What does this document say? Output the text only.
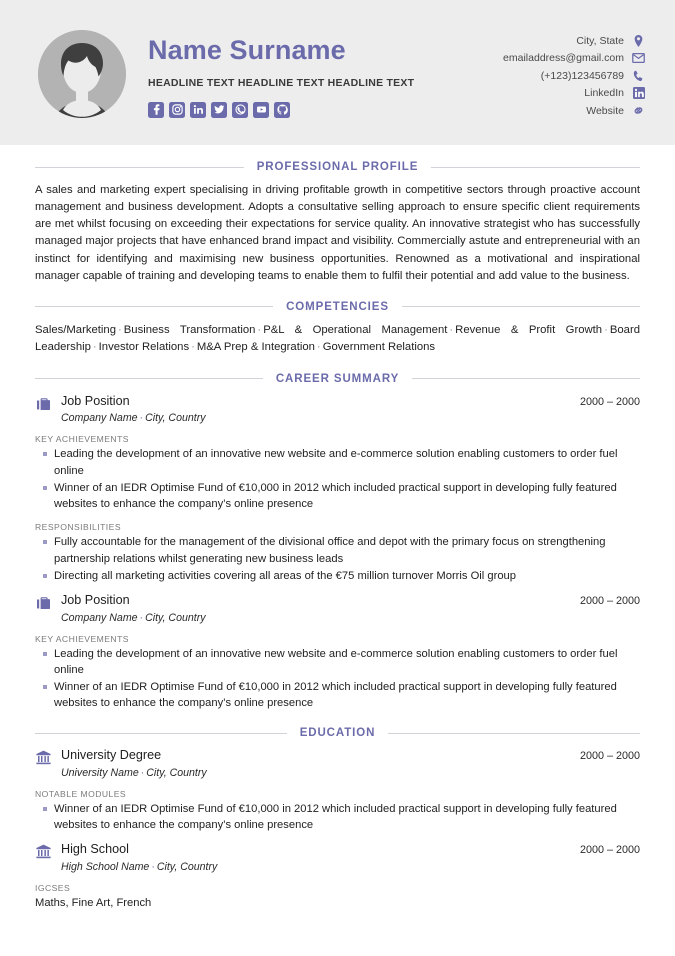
Name Surname
HEADLINE TEXT HEADLINE TEXT HEADLINE TEXT
City, State
emailaddress@gmail.com
(+123)123456789
LinkedIn
Website
PROFESSIONAL PROFILE
A sales and marketing expert specialising in driving profitable growth in competitive sectors through proactive account management and business development. Adopts a consultative selling approach to ensure specific client requirements are met whilst focusing on exceeding their expectations for service quality. An innovative strategist who has successfully managed major projects that have enhanced brand impact and visibility. Commercially astute and entrepreneurial with an instinct for identifying and maximising new business opportunities. Renowned as a motivational and inspirational manager capable of training and developing teams to enable them to fulfil their potential and add value to the business.
COMPETENCIES
Sales/Marketing · Business Transformation · P&L & Operational Management · Revenue & Profit Growth · Board Leadership · Investor Relations · M&A Prep & Integration · Government Relations
CAREER SUMMARY
Job Position
Company Name · City, Country
2000 – 2000
KEY ACHIEVEMENTS
Leading the development of an innovative new website and e-commerce solution enabling customers to order fuel online
Winner of an IEDR Optimise Fund of €10,000 in 2012 which included practical support in developing fully featured websites to enhance the company’s online presence
RESPONSIBILITIES
Fully accountable for the management of the divisional office and depot with the primary focus on strengthening partnership relations whilst generating new business leads
Directing all marketing activities covering all areas of the €75 million turnover Morris Oil group
Job Position
Company Name · City, Country
2000 – 2000
KEY ACHIEVEMENTS
Leading the development of an innovative new website and e-commerce solution enabling customers to order fuel online
Winner of an IEDR Optimise Fund of €10,000 in 2012 which included practical support in developing fully featured websites to enhance the company’s online presence
EDUCATION
University Degree
University Name · City, Country
2000 – 2000
NOTABLE MODULES
Winner of an IEDR Optimise Fund of €10,000 in 2012 which included practical support in developing fully featured websites to enhance the company’s online presence
High School
High School Name · City, Country
2000 – 2000
IGCSES
Maths, Fine Art, French
